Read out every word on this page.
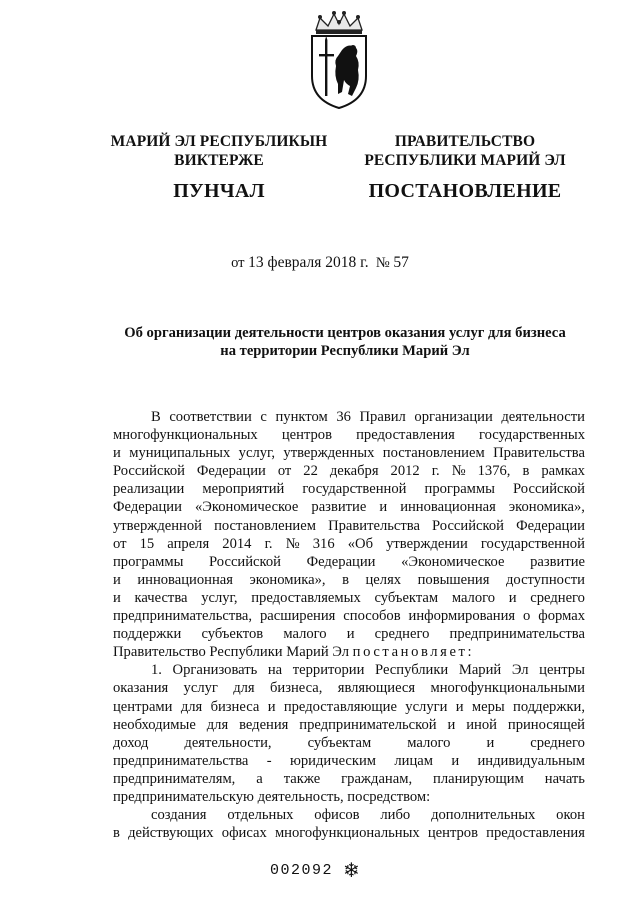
МАРИЙ ЭЛ РЕСПУБЛИКЫН
ВИКТЕРЖЕ
ПУНЧАЛ
ПРАВИТЕЛЬСТВО
РЕСПУБЛИКИ МАРИЙ ЭЛ
ПОСТАНОВЛЕНИЕ
от 13 февраля 2018 г. № 57
Об организации деятельности центров оказания услуг для бизнеса
на территории Республики Марий Эл
В соответствии с пунктом 36 Правил организации деятельности
многофункциональных центров предоставления государственных
и муниципальных услуг, утвержденных постановлением Правительства
Российской Федерации от 22 декабря 2012 г. № 1376, в рамках
реализации мероприятий государственной программы Российской
Федерации «Экономическое развитие и инновационная экономика»,
утвержденной постановлением Правительства Российской Федерации
от 15 апреля 2014 г. № 316 «Об утверждении государственной
программы Российской Федерации «Экономическое развитие
и инновационная экономика», в целях повышения доступности
и качества услуг, предоставляемых субъектам малого и среднего
предпринимательства, расширения способов информирования о формах
поддержки субъектов малого и среднего предпринимательства
Правительство Республики Марий Эл
постановляет:
1. Организовать на территории Республики Марий Эл центры
оказания услуг для бизнеса, являющиеся многофункциональными
центрами для бизнеса и предоставляющие услуги и меры поддержки,
необходимые для ведения предпринимательской и иной приносящей
доход деятельности, субъектам малого и среднего
предпринимательства - юридическим лицам и индивидуальным
предпринимателям, а также гражданам, планирующим начать
предпринимательскую деятельность, посредством:
создания отдельных офисов либо дополнительных окон
в действующих офисах многофункциональных центров предоставления
002092 ❄
